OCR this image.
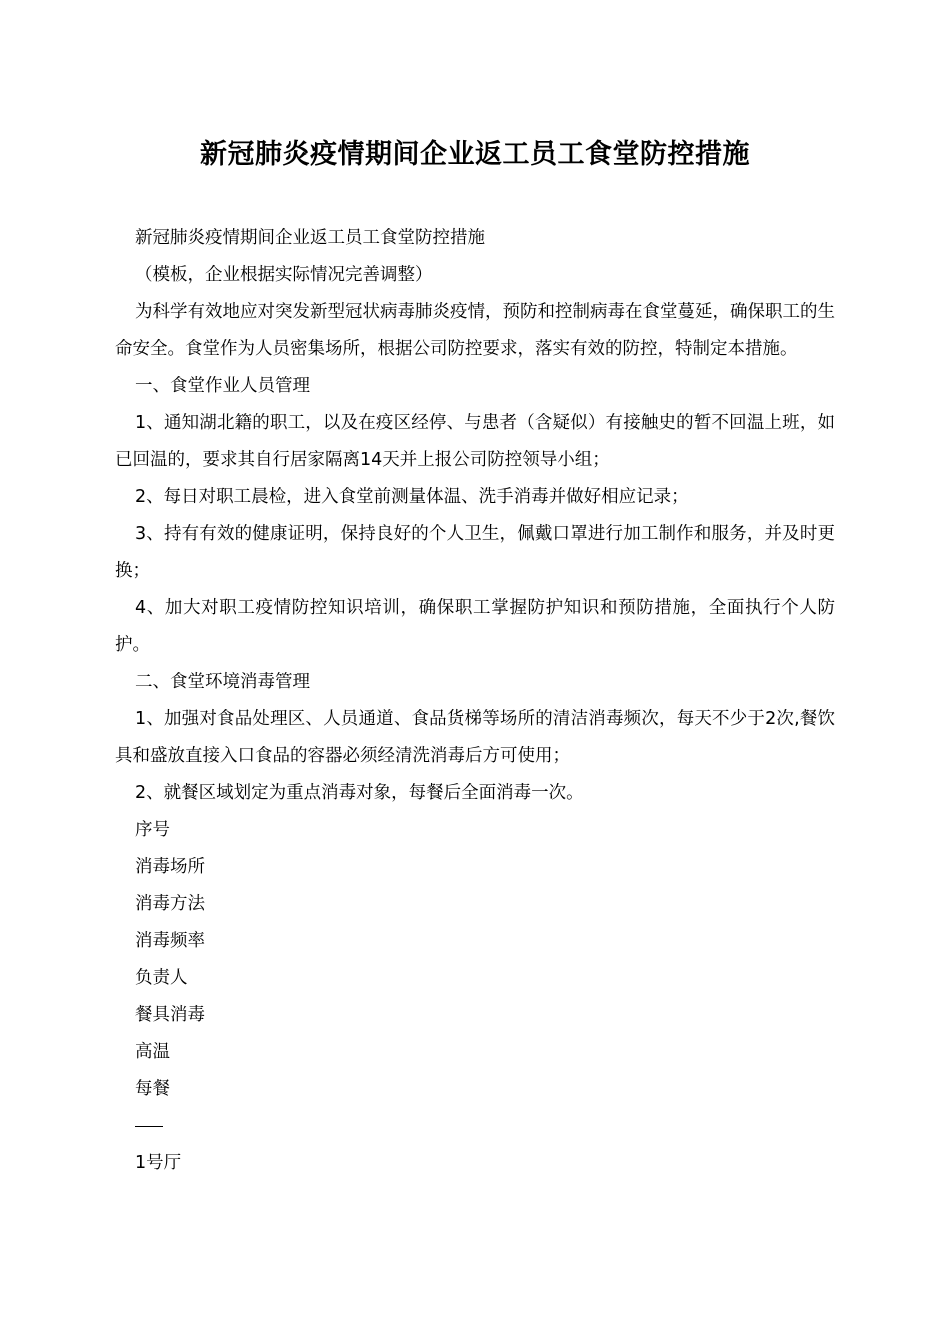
新冠肺炎疫情期间企业返工员工食堂防控措施

新冠肺炎疫情期间企业返工员工食堂防控措施

（模板，企业根据实际情况完善调整）

为科学有效地应对突发新型冠状病毒肺炎疫情，预防和控制病毒在食堂蔓延，确保职工的生命安全。食堂作为人员密集场所，根据公司防控要求，落实有效的防控，特制定本措施。

一、食堂作业人员管理

1、通知湖北籍的职工，以及在疫区经停、与患者（含疑似）有接触史的暂不回温上班，如已回温的，要求其自行居家隔离14天并上报公司防控领导小组；

2、每日对职工晨检，进入食堂前测量体温、洗手消毒并做好相应记录；

3、持有有效的健康证明，保持良好的个人卫生，佩戴口罩进行加工制作和服务，并及时更换；

4、加大对职工疫情防控知识培训，确保职工掌握防护知识和预防措施，全面执行个人防护。

二、食堂环境消毒管理

1、加强对食品处理区、人员通道、食品货梯等场所的清洁消毒频次，每天不少于2次,餐饮具和盛放直接入口食品的容器必须经清洗消毒后方可使用；

2、就餐区域划定为重点消毒对象，每餐后全面消毒一次。

序号

消毒场所

消毒方法

消毒频率

负责人

餐具消毒

高温

每餐

1号厅
